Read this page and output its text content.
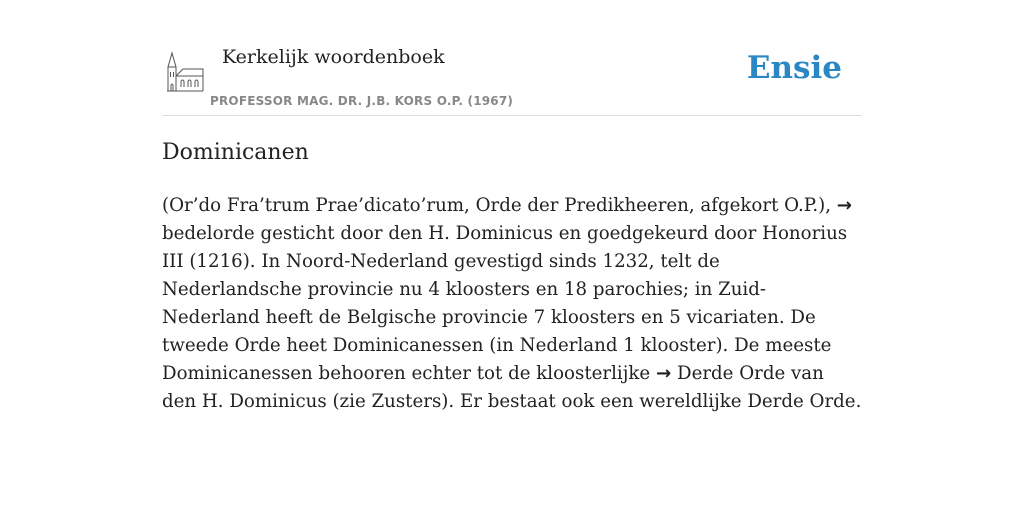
Kerkelijk woordenboek
PROFESSOR MAG. DR. J.B. KORS O.P. (1967)
Ensie
Dominicanen

(Or’do Fra’trum Prae’dicato’rum, Orde der Predikheeren, afgekort O.P.), → bedelorde gesticht door den H. Dominicus en goedgekeurd door Honorius III (1216). In Noord-Nederland gevestigd sinds 1232, telt de Nederlandsche provincie nu 4 kloosters en 18 parochies; in Zuid-Nederland heeft de Belgische provincie 7 kloosters en 5 vicariaten. De tweede Orde heet Dominicanessen (in Nederland 1 klooster). De meeste Dominicanessen behooren echter tot de kloosterlijke → Derde Orde van den H. Dominicus (zie Zusters). Er bestaat ook een wereldlijke Derde Orde.
